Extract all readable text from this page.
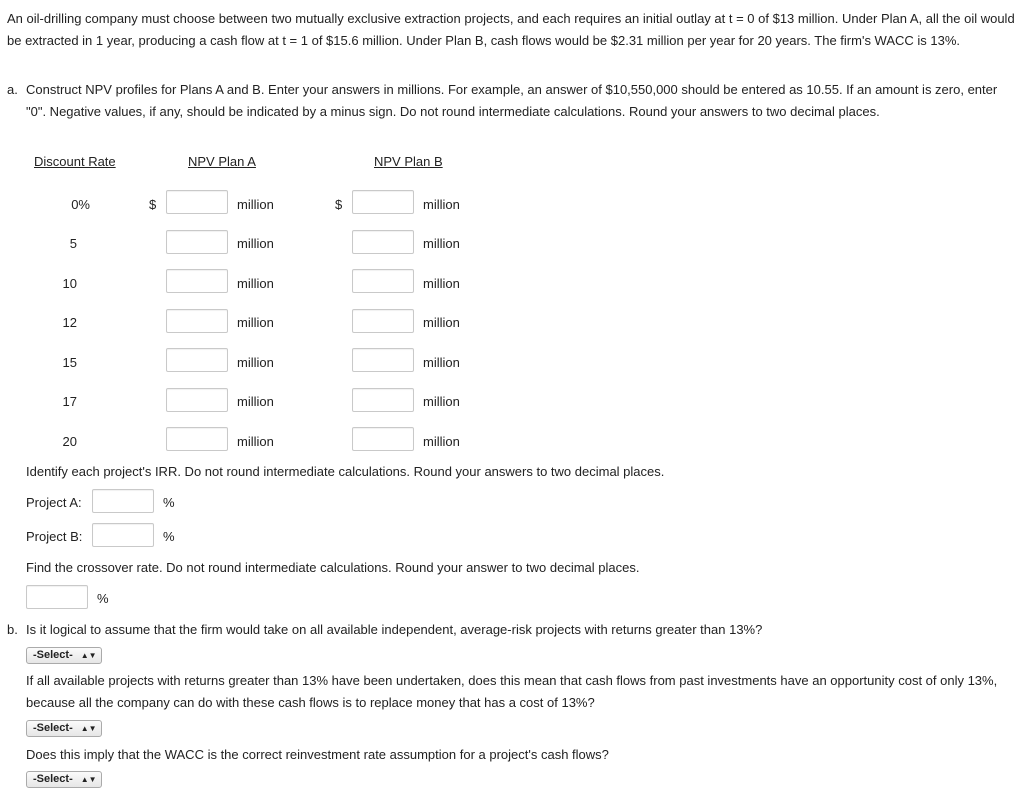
An oil-drilling company must choose between two mutually exclusive extraction projects, and each requires an initial outlay at t = 0 of $13 million. Under Plan A, all the oil would be extracted in 1 year, producing a cash flow at t = 1 of $15.6 million. Under Plan B, cash flows would be $2.31 million per year for 20 years. The firm's WACC is 13%.
a. Construct NPV profiles for Plans A and B. Enter your answers in millions. For example, an answer of $10,550,000 should be entered as 10.55. If an amount is zero, enter "0". Negative values, if any, should be indicated by a minus sign. Do not round intermediate calculations. Round your answers to two decimal places.
Discount Rate	NPV Plan A	NPV Plan B
0%	$	million	$	million
5	million	million
10	million	million
12	million	million
15	million	million
17	million	million
20	million	million
Identify each project's IRR. Do not round intermediate calculations. Round your answers to two decimal places.
Project A:	%
Project B:	%
Find the crossover rate. Do not round intermediate calculations. Round your answer to two decimal places.
%
b. Is it logical to assume that the firm would take on all available independent, average-risk projects with returns greater than 13%?
-Select- ▲▼
If all available projects with returns greater than 13% have been undertaken, does this mean that cash flows from past investments have an opportunity cost of only 13%, because all the company can do with these cash flows is to replace money that has a cost of 13%?
-Select- ▲▼
Does this imply that the WACC is the correct reinvestment rate assumption for a project's cash flows?
-Select- ▲▼
